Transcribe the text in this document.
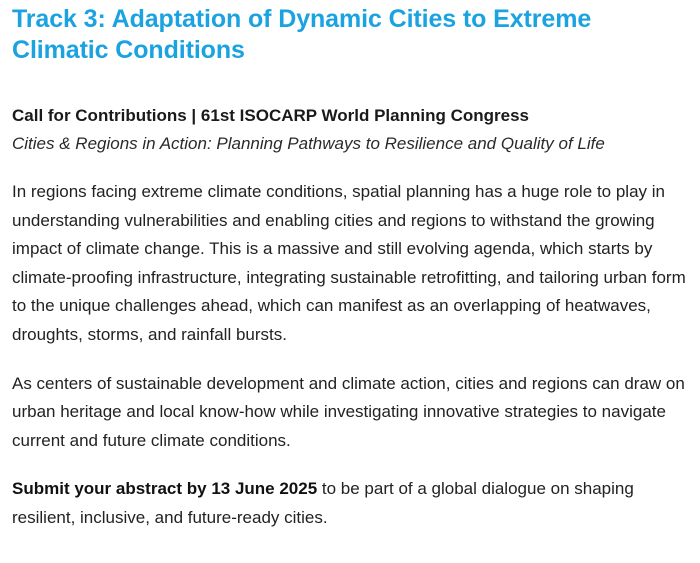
Track 3: Adaptation of Dynamic Cities to Extreme Climatic Conditions

Call for Contributions | 61st ISOCARP World Planning Congress

Cities & Regions in Action: Planning Pathways to Resilience and Quality of Life

In regions facing extreme climate conditions, spatial planning has a huge role to play in understanding vulnerabilities and enabling cities and regions to withstand the growing impact of climate change. This is a massive and still evolving agenda, which starts by climate-proofing infrastructure, integrating sustainable retrofitting, and tailoring urban form to the unique challenges ahead, which can manifest as an overlapping of heatwaves, droughts, storms, and rainfall bursts.

As centers of sustainable development and climate action, cities and regions can draw on urban heritage and local know-how while investigating innovative strategies to navigate current and future climate conditions.

Submit your abstract by 13 June 2025 to be part of a global dialogue on shaping resilient, inclusive, and future-ready cities.
